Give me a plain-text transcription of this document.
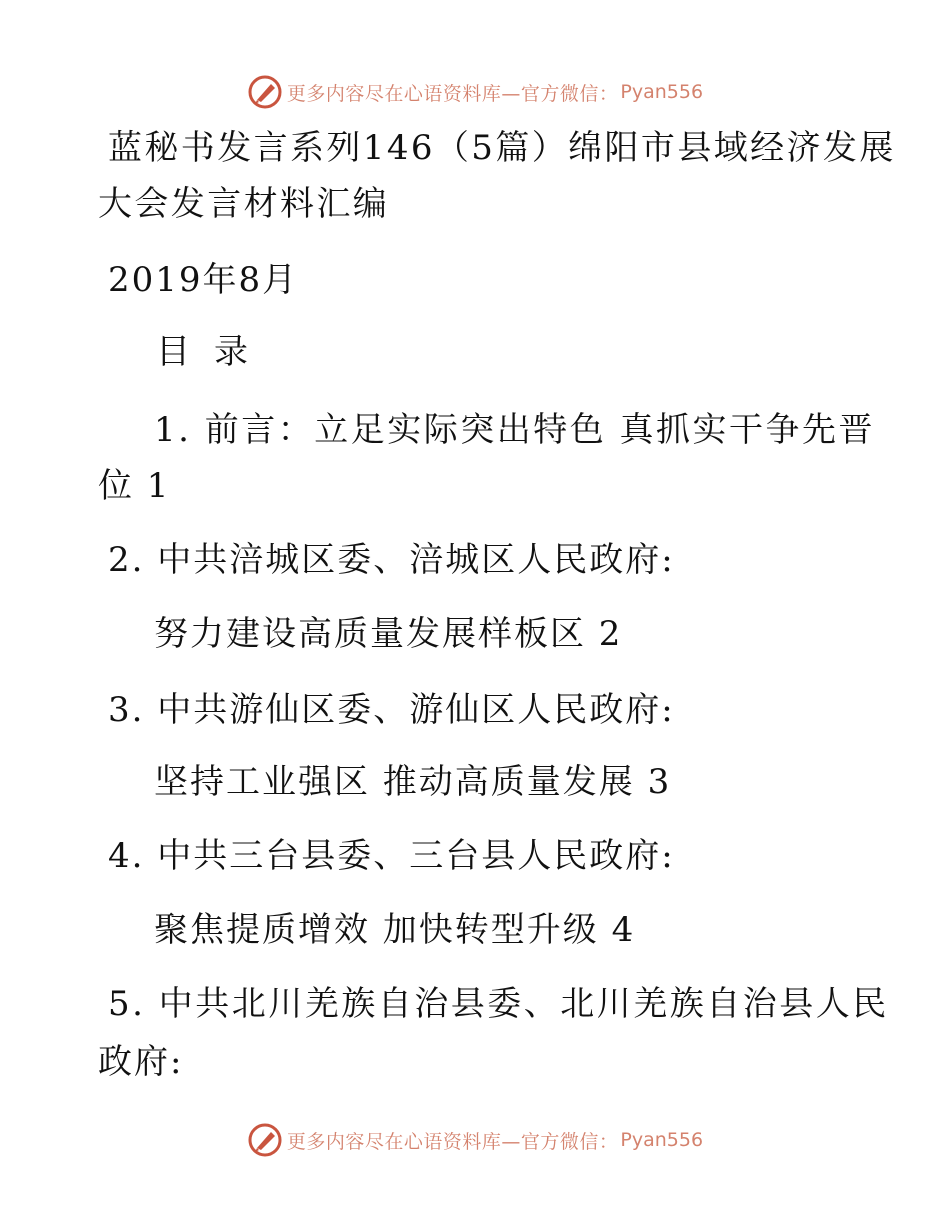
更多内容尽在心语资料库—官方微信： Pyan556
蓝秘书发言系列146（5篇）绵阳市县域经济发展
大会发言材料汇编
2019年8月
目 录
1. 前言：立足实际突出特色 真抓实干争先晋
位 1
2. 中共涪城区委、涪城区人民政府:
努力建设高质量发展样板区 2
3. 中共游仙区委、游仙区人民政府:
坚持工业强区 推动高质量发展 3
4. 中共三台县委、三台县人民政府:
聚焦提质增效 加快转型升级 4
5. 中共北川羌族自治县委、北川羌族自治县人民
政府:
更多内容尽在心语资料库—官方微信： Pyan556
